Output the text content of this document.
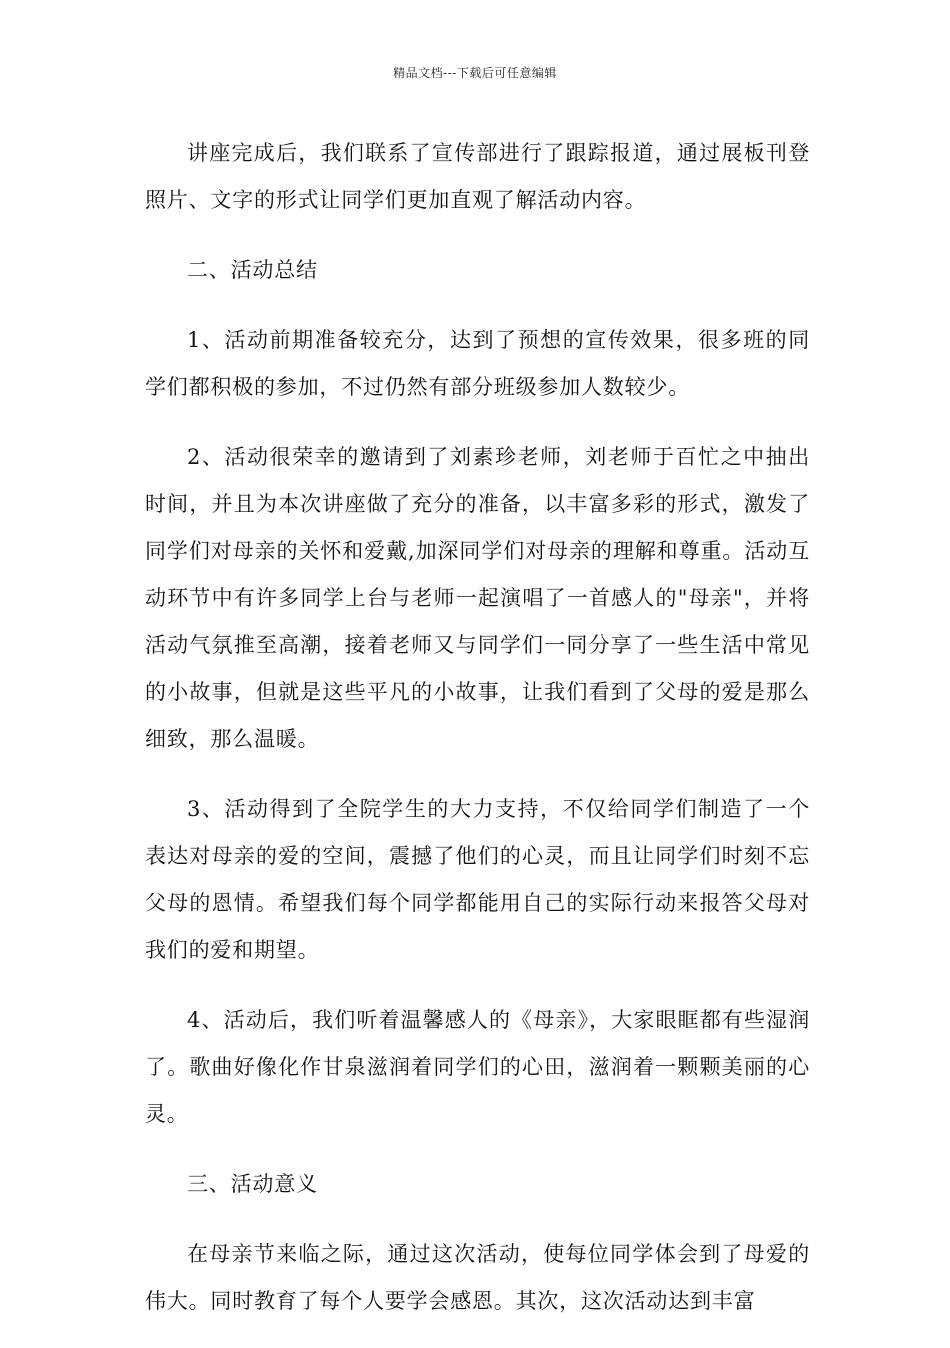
精品文档---下载后可任意编辑

讲座完成后，我们联系了宣传部进行了跟踪报道，通过展板刊登照片、文字的形式让同学们更加直观了解活动内容。

二、活动总结

1、活动前期准备较充分，达到了预想的宣传效果，很多班的同学们都积极的参加，不过仍然有部分班级参加人数较少。

2、活动很荣幸的邀请到了刘素珍老师，刘老师于百忙之中抽出时间，并且为本次讲座做了充分的准备，以丰富多彩的形式，激发了同学们对母亲的关怀和爱戴,加深同学们对母亲的理解和尊重。活动互动环节中有许多同学上台与老师一起演唱了一首感人的"母亲"，并将活动气氛推至高潮，接着老师又与同学们一同分享了一些生活中常见的小故事，但就是这些平凡的小故事，让我们看到了父母的爱是那么细致，那么温暖。

3、活动得到了全院学生的大力支持，不仅给同学们制造了一个表达对母亲的爱的空间，震撼了他们的心灵，而且让同学们时刻不忘父母的恩情。希望我们每个同学都能用自己的实际行动来报答父母对我们的爱和期望。

4、活动后，我们听着温馨感人的《母亲》，大家眼眶都有些湿润了。歌曲好像化作甘泉滋润着同学们的心田，滋润着一颗颗美丽的心灵。

三、活动意义

在母亲节来临之际，通过这次活动，使每位同学体会到了母爱的伟大。同时教育了每个人要学会感恩。其次，这次活动达到丰富
